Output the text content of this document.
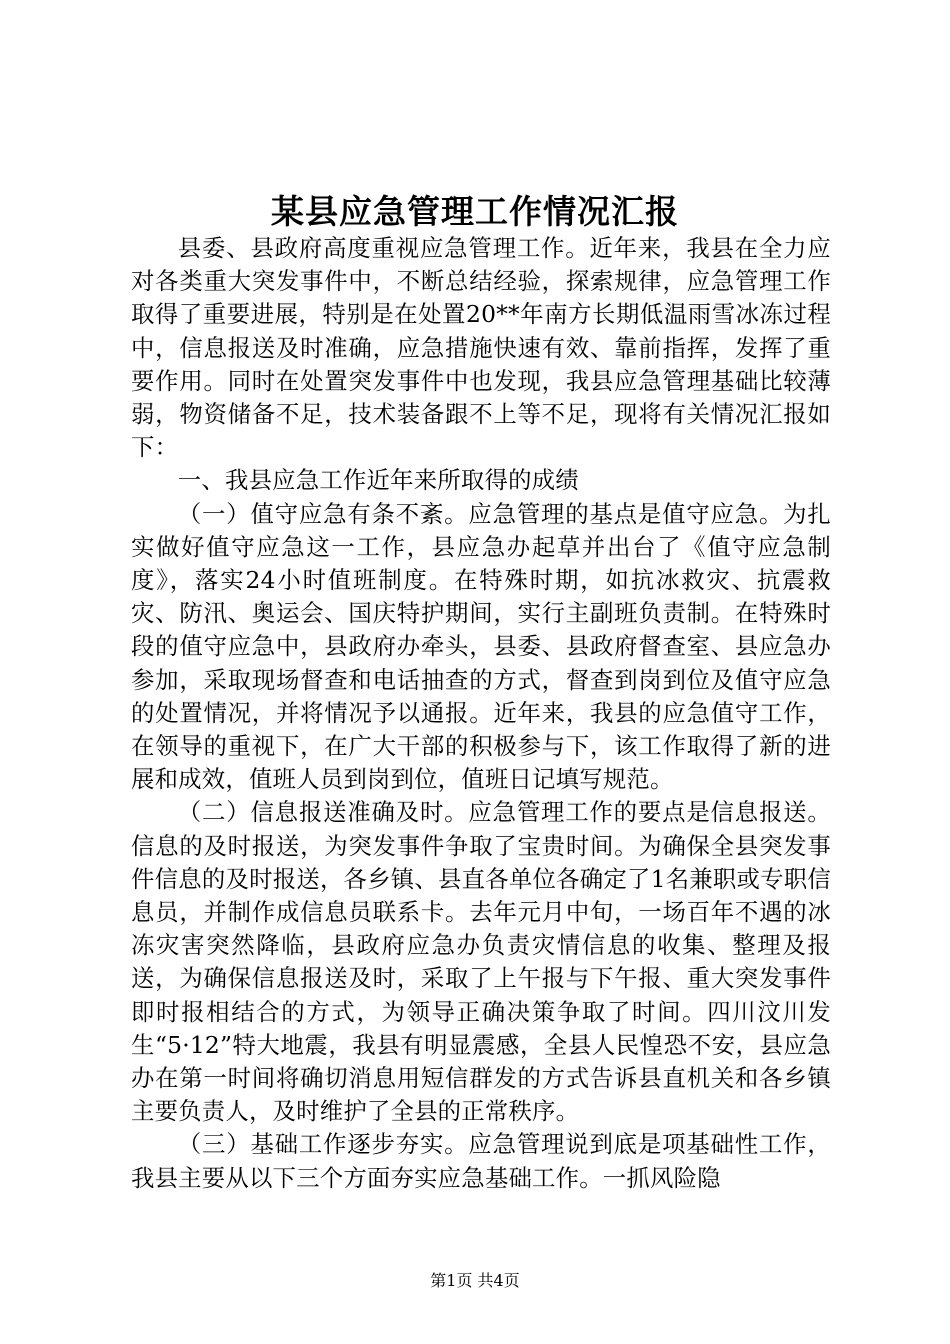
某县应急管理工作情况汇报

县委、县政府高度重视应急管理工作。近年来，我县在全力应对各类重大突发事件中，不断总结经验，探索规律，应急管理工作取得了重要进展，特别是在处置20**年南方长期低温雨雪冰冻过程中，信息报送及时准确，应急措施快速有效、靠前指挥，发挥了重要作用。同时在处置突发事件中也发现，我县应急管理基础比较薄弱，物资储备不足，技术装备跟不上等不足，现将有关情况汇报如下：

一、我县应急工作近年来所取得的成绩

（一）值守应急有条不紊。应急管理的基点是值守应急。为扎实做好值守应急这一工作，县应急办起草并出台了《值守应急制度》，落实24小时值班制度。在特殊时期，如抗冰救灾、抗震救灾、防汛、奥运会、国庆特护期间，实行主副班负责制。在特殊时段的值守应急中，县政府办牵头，县委、县政府督查室、县应急办参加，采取现场督查和电话抽查的方式，督查到岗到位及值守应急的处置情况，并将情况予以通报。近年来，我县的应急值守工作，在领导的重视下，在广大干部的积极参与下，该工作取得了新的进展和成效，值班人员到岗到位，值班日记填写规范。

（二）信息报送准确及时。应急管理工作的要点是信息报送。信息的及时报送，为突发事件争取了宝贵时间。为确保全县突发事件信息的及时报送，各乡镇、县直各单位各确定了1名兼职或专职信息员，并制作成信息员联系卡。去年元月中旬，一场百年不遇的冰冻灾害突然降临，县政府应急办负责灾情信息的收集、整理及报送，为确保信息报送及时，采取了上午报与下午报、重大突发事件即时报相结合的方式，为领导正确决策争取了时间。四川汶川发生“5·12”特大地震，我县有明显震感，全县人民惶恐不安，县应急办在第一时间将确切消息用短信群发的方式告诉县直机关和各乡镇主要负责人，及时维护了全县的正常秩序。

（三）基础工作逐步夯实。应急管理说到底是项基础性工作，我县主要从以下三个方面夯实应急基础工作。一抓风险隐

第1页 共4页
